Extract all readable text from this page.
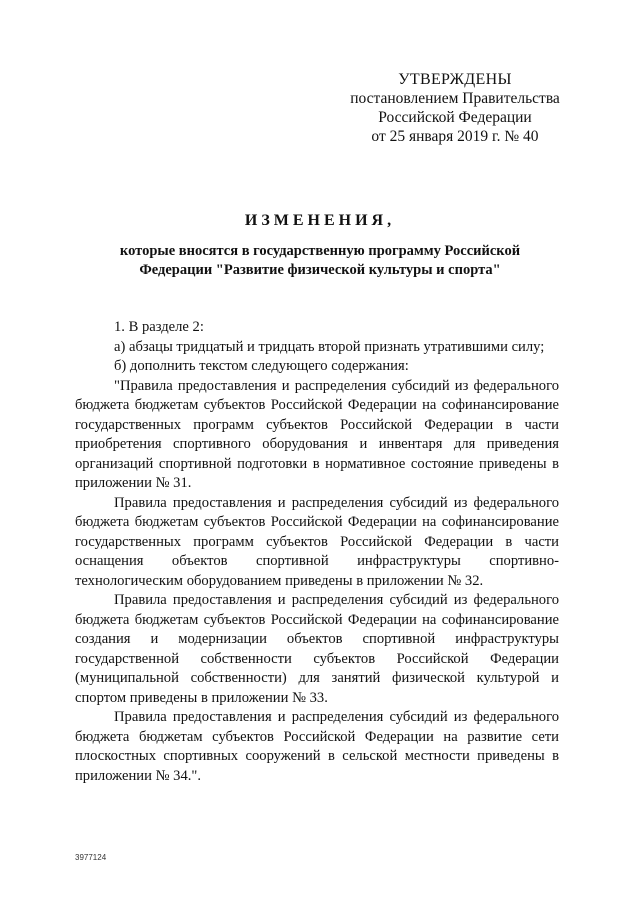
УТВЕРЖДЕНЫ
постановлением Правительства
Российской Федерации
от 25 января 2019 г. № 40
ИЗМЕНЕНИЯ,
которые вносятся в государственную программу Российской Федерации "Развитие физической культуры и спорта"

1. В разделе 2:

а) абзацы тридцатый и тридцать второй признать утратившими силу;

б) дополнить текстом следующего содержания:

"Правила предоставления и распределения субсидий из федерального бюджета бюджетам субъектов Российской Федерации на софинансирование государственных программ субъектов Российской Федерации в части приобретения спортивного оборудования и инвентаря для приведения организаций спортивной подготовки в нормативное состояние приведены в приложении № 31.

Правила предоставления и распределения субсидий из федерального бюджета бюджетам субъектов Российской Федерации на софинансирование государственных программ субъектов Российской Федерации в части оснащения объектов спортивной инфраструктуры спортивно-технологическим оборудованием приведены в приложении № 32.

Правила предоставления и распределения субсидий из федерального бюджета бюджетам субъектов Российской Федерации на софинансирование создания и модернизации объектов спортивной инфраструктуры государственной собственности субъектов Российской Федерации (муниципальной собственности) для занятий физической культурой и спортом приведены в приложении № 33.

Правила предоставления и распределения субсидий из федерального бюджета бюджетам субъектов Российской Федерации на развитие сети плоскостных спортивных сооружений в сельской местности приведены в приложении № 34.".

3977124
